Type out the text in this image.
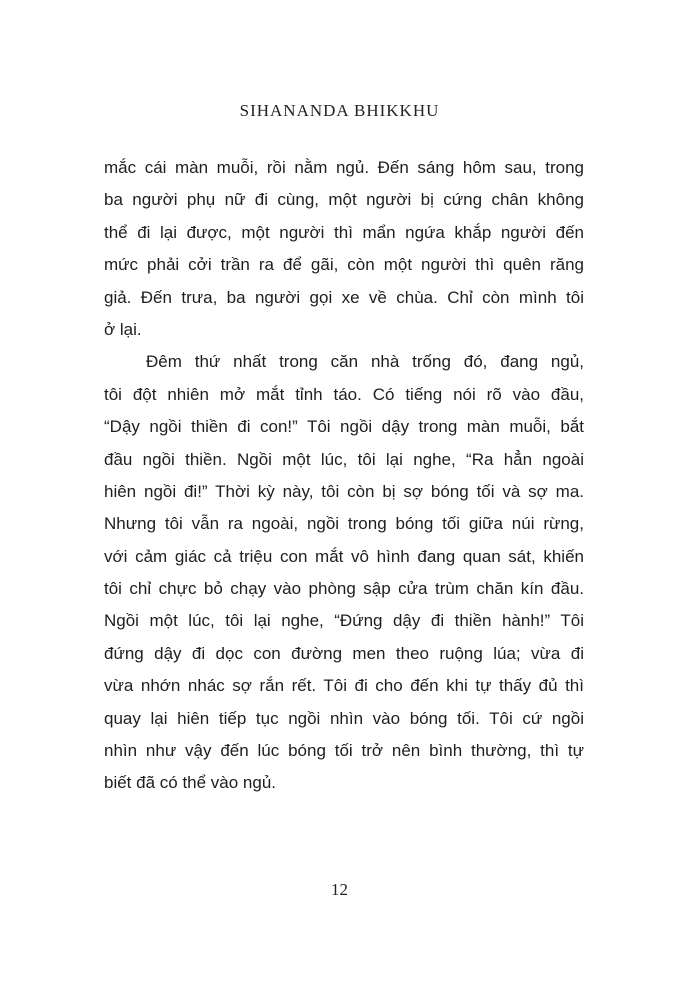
SIHANANDA BHIKKHU
mắc cái màn muỗi, rồi nằm ngủ. Đến sáng hôm sau, trong
ba người phụ nữ đi cùng, một người bị cứng chân không
thể đi lại được, một người thì mẩn ngứa khắp người đến
mức phải cởi trần ra để gãi, còn một người thì quên răng
giả. Đến trưa, ba người gọi xe về chùa. Chỉ còn mình tôi
ở lại.
Đêm thứ nhất trong căn nhà trống đó, đang ngủ,
tôi đột nhiên mở mắt tỉnh táo. Có tiếng nói rõ vào đầu,
“Dậy ngồi thiền đi con!” Tôi ngồi dậy trong màn muỗi, bắt
đầu ngồi thiền. Ngồi một lúc, tôi lại nghe, “Ra hẳn ngoài
hiên ngồi đi!” Thời kỳ này, tôi còn bị sợ bóng tối và sợ ma.
Nhưng tôi vẫn ra ngoài, ngồi trong bóng tối giữa núi rừng,
với cảm giác cả triệu con mắt vô hình đang quan sát, khiến
tôi chỉ chực bỏ chạy vào phòng sập cửa trùm chăn kín đầu.
Ngồi một lúc, tôi lại nghe, “Đứng dậy đi thiền hành!” Tôi
đứng dậy đi dọc con đường men theo ruộng lúa; vừa đi
vừa nhớn nhác sợ rắn rết. Tôi đi cho đến khi tự thấy đủ thì
quay lại hiên tiếp tục ngồi nhìn vào bóng tối. Tôi cứ ngồi
nhìn như vậy đến lúc bóng tối trở nên bình thường, thì tự
biết đã có thể vào ngủ.
12
